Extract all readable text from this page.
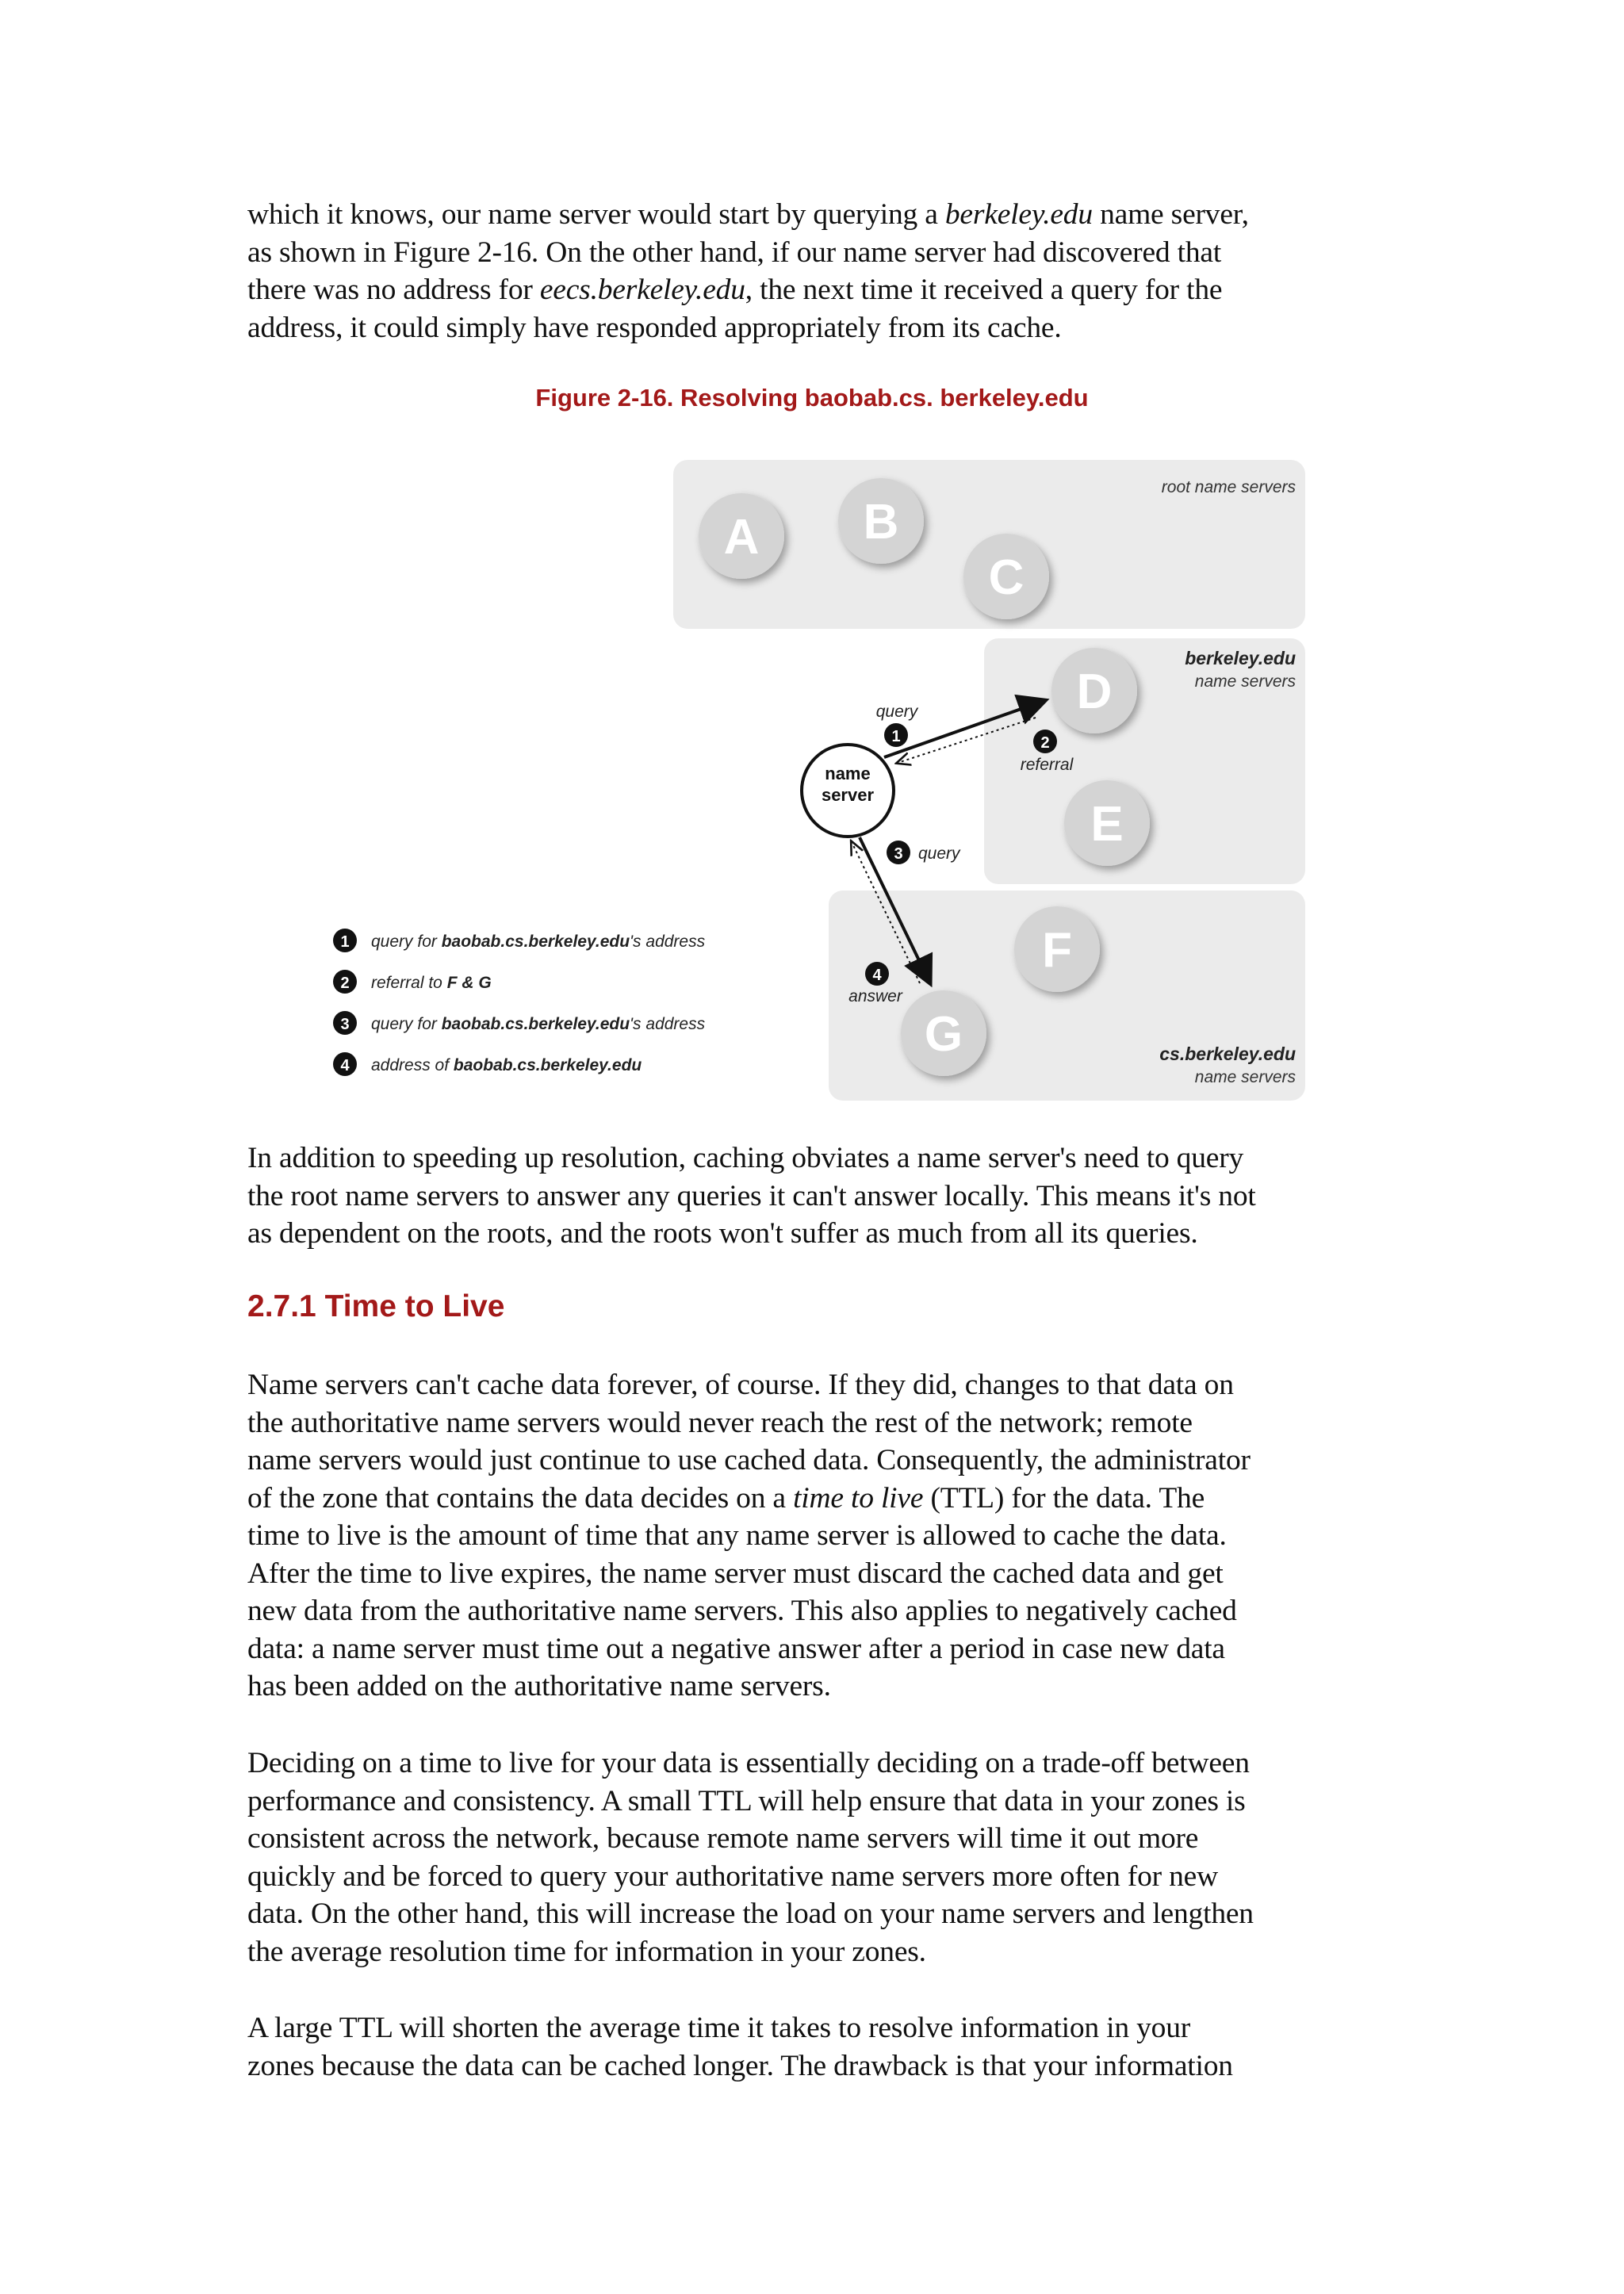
which it knows, our name server would start by querying a berkeley.edu name server,
as shown in Figure 2-16. On the other hand, if our name server had discovered that
there was no address for eecs.berkeley.edu, the next time it received a query for the
address, it could simply have responded appropriately from its cache.

Figure 2-16. Resolving baobab.cs. berkeley.edu

root name servers
berkeley.edu
name servers
cs.berkeley.edu
name servers
A B
C
D
E
F
G
name
server
query
1	2
referral
3 query
4
answer
1 query for baobab.cs.berkeley.edu's address
2 referral to F & G
3 query for baobab.cs.berkeley.edu's address
4 address of baobab.cs.berkeley.edu

In addition to speeding up resolution, caching obviates a name server's need to query
the root name servers to answer any queries it can't answer locally. This means it's not
as dependent on the roots, and the roots won't suffer as much from all its queries.

2.7.1 Time to Live

Name servers can't cache data forever, of course. If they did, changes to that data on
the authoritative name servers would never reach the rest of the network; remote
name servers would just continue to use cached data. Consequently, the administrator
of the zone that contains the data decides on a time to live (TTL) for the data. The
time to live is the amount of time that any name server is allowed to cache the data.
After the time to live expires, the name server must discard the cached data and get
new data from the authoritative name servers. This also applies to negatively cached
data: a name server must time out a negative answer after a period in case new data
has been added on the authoritative name servers.

Deciding on a time to live for your data is essentially deciding on a trade-off between
performance and consistency. A small TTL will help ensure that data in your zones is
consistent across the network, because remote name servers will time it out more
quickly and be forced to query your authoritative name servers more often for new
data. On the other hand, this will increase the load on your name servers and lengthen
the average resolution time for information in your zones.

A large TTL will shorten the average time it takes to resolve information in your
zones because the data can be cached longer. The drawback is that your information
